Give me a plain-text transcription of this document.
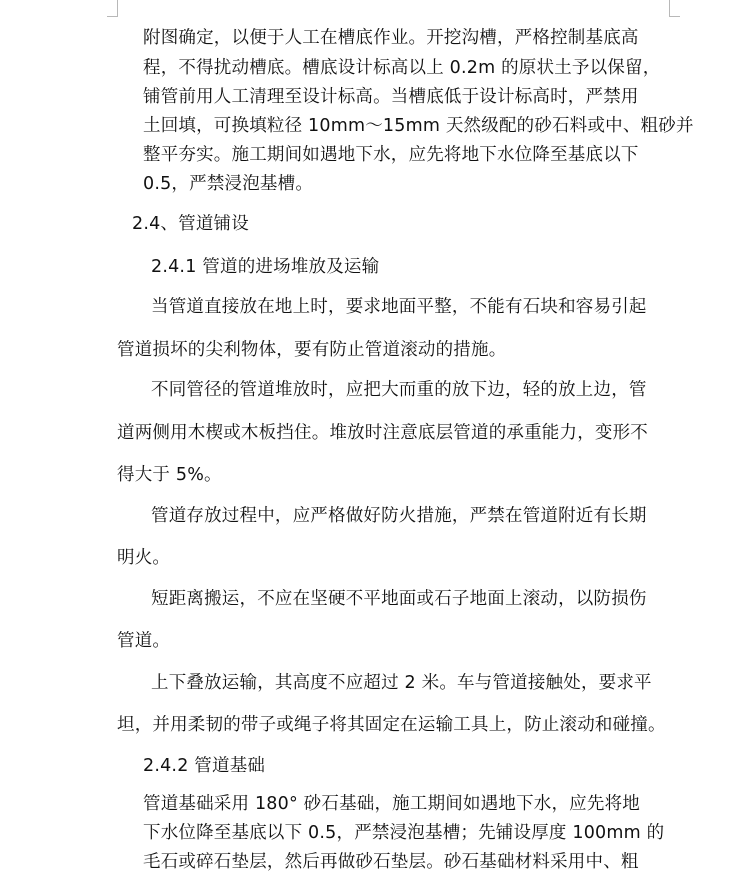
附图确定，以便于人工在槽底作业。开挖沟槽，严格控制基底高
程，不得扰动槽底。槽底设计标高以上 0.2m 的原状土予以保留，
铺管前用人工清理至设计标高。当槽底低于设计标高时，严禁用
土回填，可换填粒径 10mm～15mm 天然级配的砂石料或中、粗砂并
整平夯实。施工期间如遇地下水，应先将地下水位降至基底以下
0.5，严禁浸泡基槽。
2.4、管道铺设
2.4.1 管道的进场堆放及运输
当管道直接放在地上时，要求地面平整，不能有石块和容易引起
管道损坏的尖利物体，要有防止管道滚动的措施。
不同管径的管道堆放时，应把大而重的放下边，轻的放上边，管
道两侧用木楔或木板挡住。堆放时注意底层管道的承重能力，变形不
得大于 5%。
管道存放过程中，应严格做好防火措施，严禁在管道附近有长期
明火。
短距离搬运，不应在坚硬不平地面或石子地面上滚动，以防损伤
管道。
上下叠放运输，其高度不应超过 2 米。车与管道接触处，要求平
坦，并用柔韧的带子或绳子将其固定在运输工具上，防止滚动和碰撞。
2.4.2 管道基础
管道基础采用 180° 砂石基础，施工期间如遇地下水，应先将地
下水位降至基底以下 0.5，严禁浸泡基槽；先铺设厚度 100mm 的
毛石或碎石垫层，然后再做砂石垫层。砂石基础材料采用中、粗
